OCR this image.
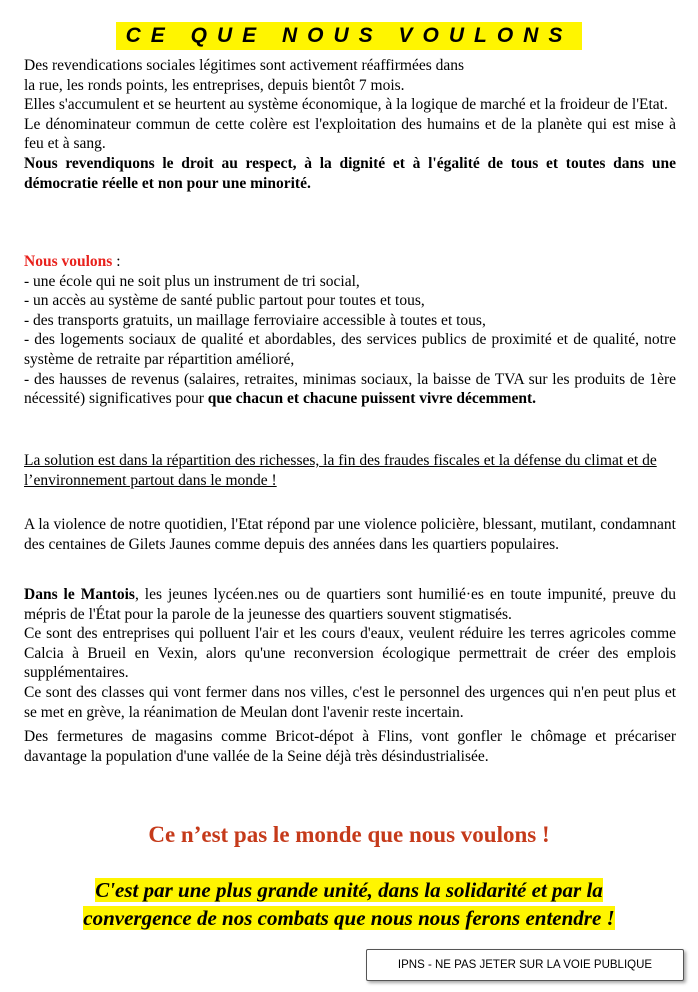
CE QUE NOUS VOULONS

Des revendications sociales légitimes sont activement réaffirmées dans

la rue, les ronds points, les entreprises, depuis bientôt 7 mois.

Elles s'accumulent et se heurtent au système économique, à la logique de marché et la froideur de l'Etat.

Le dénominateur commun de cette colère est l'exploitation des humains et de la planète qui est mise à feu et à sang.

Nous revendiquons le droit au respect, à la dignité et à l'égalité de tous et toutes dans une démocratie réelle et non pour une minorité.

Nous voulons :

- une école qui ne soit plus un instrument de tri social,

- un accès au système de santé public partout pour toutes et tous,

- des transports gratuits, un maillage ferroviaire accessible à toutes et tous,

- des logements sociaux de qualité et abordables, des services publics de proximité et de qualité, notre système de retraite par répartition amélioré,

- des hausses de revenus (salaires, retraites, minimas sociaux, la baisse de TVA sur les produits de 1ère nécessité) significatives pour que chacun et chacune puissent vivre décemment.

La solution est dans la répartition des richesses, la fin des fraudes fiscales et la défense du climat et de l’environnement partout dans le monde !

A la violence de notre quotidien, l'Etat répond par une violence policière, blessant, mutilant, condamnant des centaines de Gilets Jaunes comme depuis des années dans les quartiers populaires.

Dans le Mantois, les jeunes lycéen.nes ou de quartiers sont humilié·es en toute impunité, preuve du mépris de l'État pour la parole de la jeunesse des quartiers souvent stigmatisés.

Ce sont des entreprises qui polluent l'air et les cours d'eaux, veulent réduire les terres agricoles comme Calcia à Brueil en Vexin, alors qu'une reconversion écologique permettrait de créer des emplois supplémentaires.

Ce sont des classes qui vont fermer dans nos villes, c'est le personnel des urgences qui n'en peut plus et se met en grève, la réanimation de Meulan dont l'avenir reste incertain.

Des fermetures de magasins comme Bricot-dépot à Flins, vont gonfler le chômage et précariser davantage la population d'une vallée de la Seine déjà très désindustrialisée.

Ce n’est pas le monde que nous voulons !
C'est par une plus grande unité, dans la solidarité et par la
convergence de nos combats que nous nous ferons entendre !
IPNS - NE PAS JETER SUR LA VOIE PUBLIQUE
